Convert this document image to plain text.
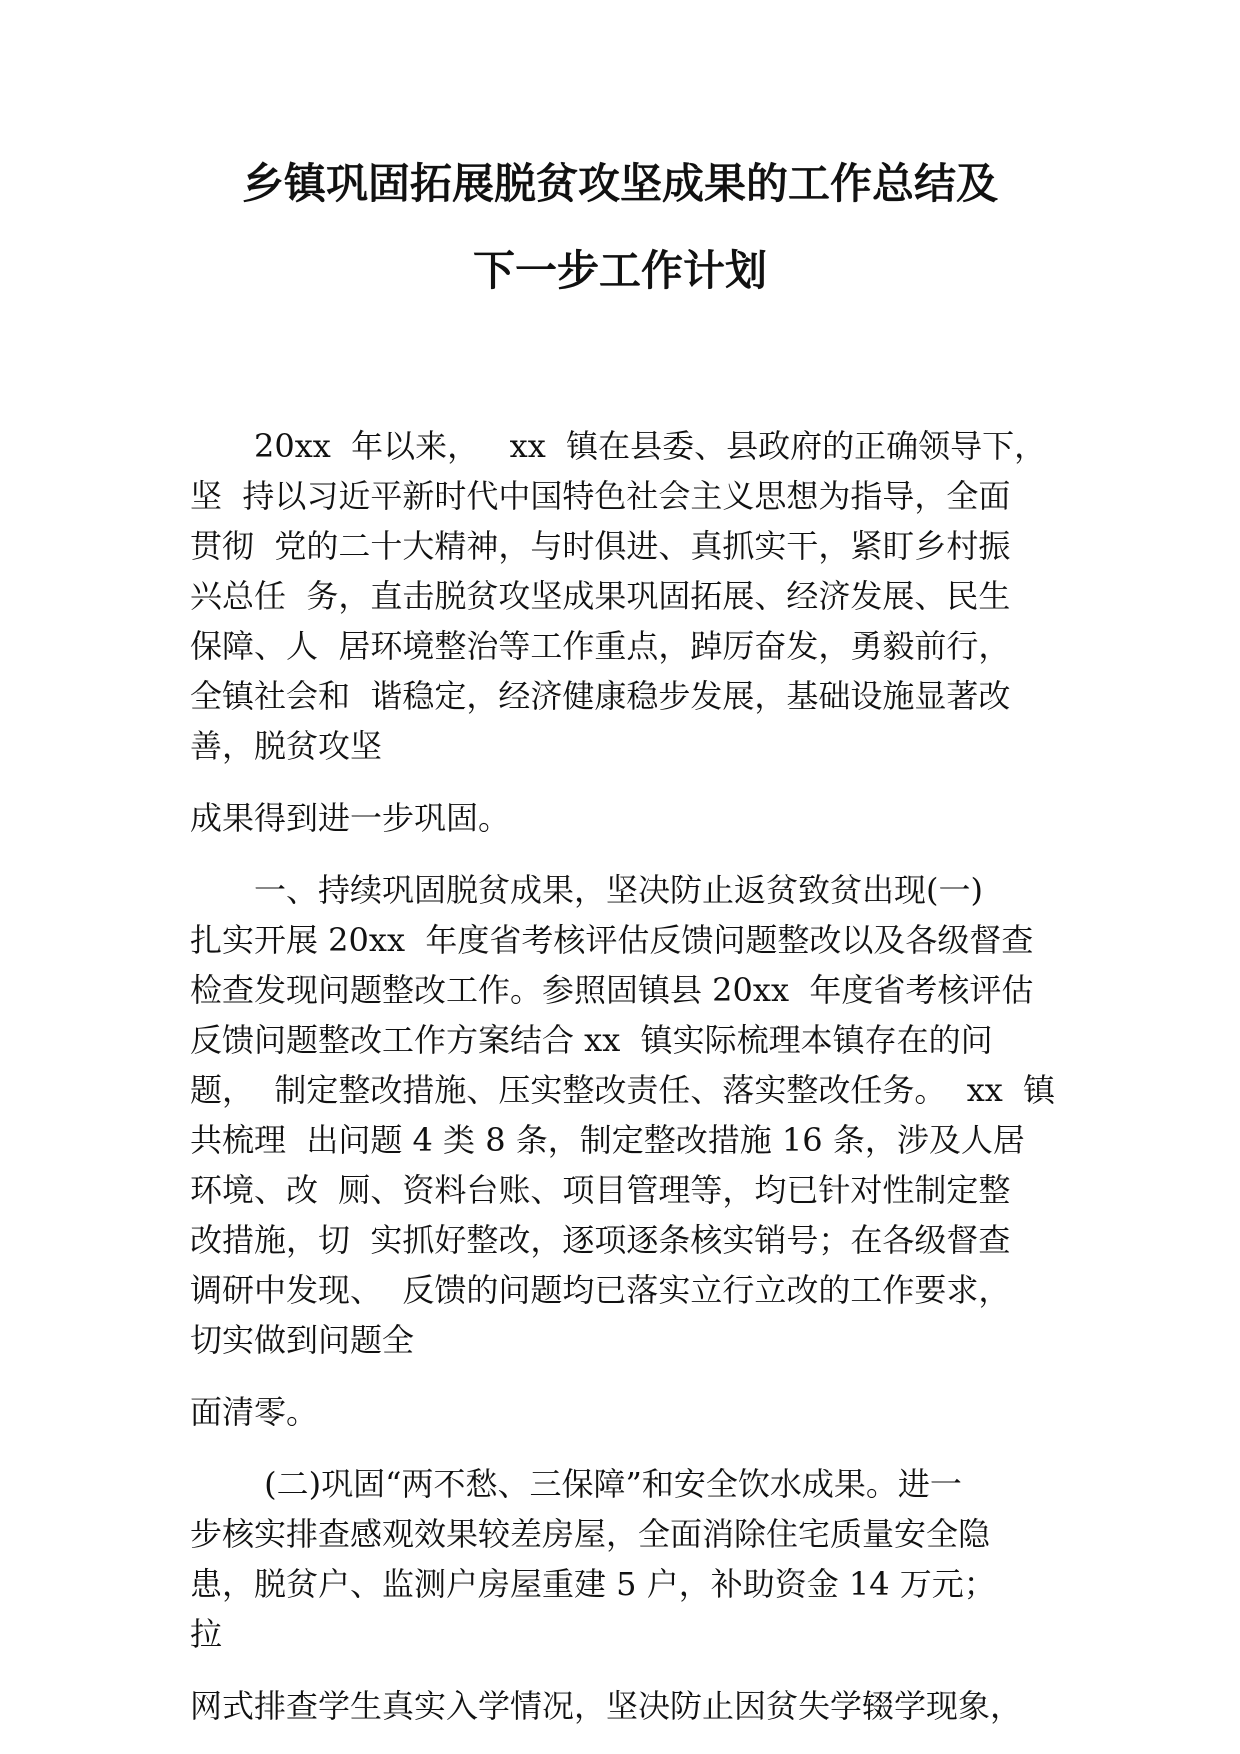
乡镇巩固拓展脱贫攻坚成果的工作总结及
下一步工作计划
20xx  年以来，   xx  镇在县委、县政府的正确领导下，
坚  持以习近平新时代中国特色社会主义思想为指导，全面
贯彻  党的二十大精神，与时俱进、真抓实干，紧盯乡村振
兴总任  务，直击脱贫攻坚成果巩固拓展、经济发展、民生
保障、人  居环境整治等工作重点，踔厉奋发，勇毅前行，
全镇社会和  谐稳定，经济健康稳步发展，基础设施显著改
善，脱贫攻坚
成果得到进一步巩固。
一、持续巩固脱贫成果，坚决防止返贫致贫出现(一)
扎实开展 20xx  年度省考核评估反馈问题整改以及各级督查
检查发现问题整改工作。参照固镇县 20xx  年度省考核评估
反馈问题整改工作方案结合 xx  镇实际梳理本镇存在的问
题，  制定整改措施、压实整改责任、落实整改任务。  xx  镇
共梳理  出问题 4 类 8 条，制定整改措施 16 条，涉及人居
环境、改  厕、资料台账、项目管理等，均已针对性制定整
改措施，切  实抓好整改，逐项逐条核实销号；在各级督查
调研中发现、  反馈的问题均已落实立行立改的工作要求，
切实做到问题全
面清零。
(二)巩固“两不愁、三保障”和安全饮水成果。进一
步核实排查感观效果较差房屋，全面消除住宅质量安全隐
患，脱贫户、监测户房屋重建 5 户，补助资金 14 万元；
拉
网式排查学生真实入学情况，坚决防止因贫失学辍学现象，
